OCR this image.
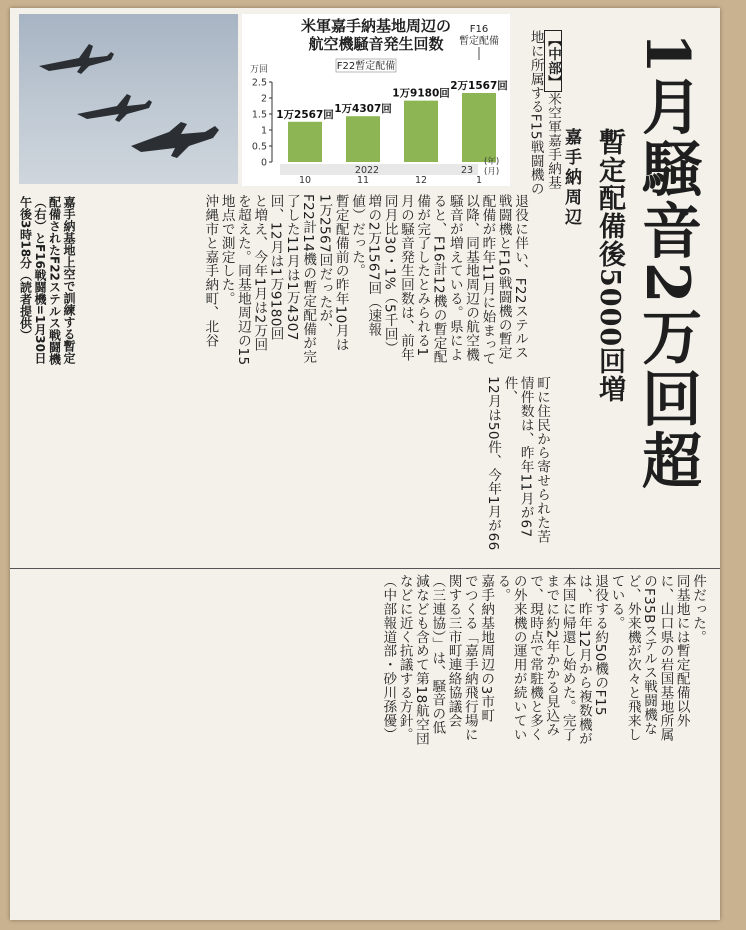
1月騒音2万回超
嘉手納周辺 暫定配備後5000回増
【中部】米空軍嘉手納基
地に所属するF15戦闘機の

退役に伴い、F22ステルス
戦闘機とF16戦闘機の暫定
配備が昨年11月に始まって
以降、同基地周辺の航空機
騒音が増えている。県によ
ると、F16計12機の暫定配
備が完了したとみられる1
月の騒音発生回数は、前年
同月比30・1%（5千回）
増の2万1567回（速報
値）だった。
暫定配備前の昨年10月は
1万2567回だったが、
F22計14機の暫定配備が完
了した11月は1万4307
回、12月は1万9180回
と増え、今年1月は2万回
を超えた。同基地周辺の15
地点で測定した。
沖縄市と嘉手納町、北谷
町に住民から寄せられた苦
情件数は、昨年11月が67件、
12月は50件、今年1月が66
件だった。
同基地には暫定配備以外
に、山口県の岩国基地所属
のF35Bステルス戦闘機な
ど、外来機が次々と飛来し
ている。
退役する約50機のF15
は、昨年12月から複数機が
本国に帰還し始めた。完了
までに約2年かかる見込み
で、現時点で常駐機と多く
の外来機の運用が続いてい
る。
嘉手納基地周辺の3市町
でつくる「嘉手納飛行場に
関する三市町連絡協議会
（三連協）」は、騒音の低
減なども含めて第18航空団
などに近く抗議する方針。
（中部報道部・砂川孫優）
米軍嘉手納基地周辺の
航空機騒音発生回数
万回
0
0.5
1
1.5
2
2.5
1万2567回
10
1万4307回
11
1万9180回
12
2万1567回
1
2022	23
(年)
(月)
F22暫定配備
F16
暫定配備
嘉手納基地上空で訓練する暫定
配備されたF22ステルス戦闘機
（右）とF16戦闘機=1月30日
午後3時18分（読者提供）
